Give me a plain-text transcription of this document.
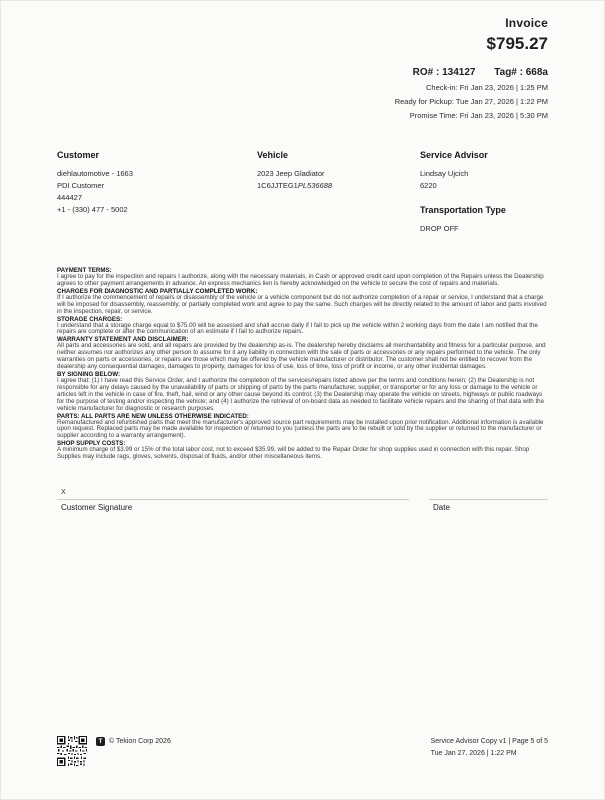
Invoice
$795.27
RO# : 134127 Tag# : 668a
Check-in: Fri Jan 23, 2026 | 1:25 PM
Ready for Pickup: Tue Jan 27, 2026 | 1:22 PM
Promise Time: Fri Jan 23, 2026 | 5:30 PM
Customer
diehlautomotive - 1663
PDI Customer
444427
+1 - (330) 477 - 5002
Vehicle
2023 Jeep Gladiator
1C6JJTEG1PL536688
Service Advisor
Lindsay Ujcich
6220
Transportation Type
DROP OFF
PAYMENT TERMS:
I agree to pay for the inspection and repairs I authorize, along with the necessary materials, in Cash or approved credit card upon completion of the Repairs unless the Dealership agrees to other payment arrangements in advance. An express mechanics lien is hereby acknowledged on the vehicle to secure the cost of repairs and materials.
CHARGES FOR DIAGNOSTIC AND PARTIALLY COMPLETED WORK:
If I authorize the commencement of repairs or disassembly of the vehicle or a vehicle component but do not authorize completion of a repair or service, I understand that a charge will be imposed for disassembly, reassembly, or partially completed work and agree to pay the same. Such charges will be directly related to the amount of labor and parts involved in the inspection, repair, or service.
STORAGE CHARGES:
I understand that a storage charge equal to $75.00 will be assessed and shall accrue daily if I fail to pick up the vehicle within 2 working days from the date I am notified that the repairs are complete or after the communication of an estimate if I fail to authorize repairs.
WARRANTY STATEMENT AND DISCLAIMER:
All parts and accessories are sold, and all repairs are provided by the dealership as-is. The dealership hereby disclaims all merchantability and fitness for a particular purpose, and neither assumes nor authorizes any other person to assume for it any liability in connection with the sale of parts or accessories or any repairs performed to the vehicle. The only warranties on parts or accessories, or repairs are those which may be offered by the vehicle manufacturer or distributor. The customer shall not be entitled to recover from the dealership any consequential damages, damages to property, damages for loss of use, loss of time, loss of profit or income, or any other incidental damages.
BY SIGNING BELOW:
I agree that: (1) I have read this Service Order, and I authorize the completion of the services/repairs listed above per the terms and conditions herein; (2) the Dealership is not responsible for any delays caused by the unavailability of parts or shipping of parts by the parts manufacturer, supplier, or transporter or for any loss or damage to the vehicle or articles left in the vehicle in case of fire, theft, hail, wind or any other cause beyond its control; (3) the Dealership may operate the vehicle on streets, highways or public roadways for the purpose of testing and/or inspecting the vehicle; and (4) I authorize the retrieval of on-board data as needed to facilitate vehicle repairs and the sharing of that data with the vehicle manufacturer for diagnostic or research purposes.
PARTS: ALL PARTS ARE NEW UNLESS OTHERWISE INDICATED:
Remanufactured and refurbished parts that meet the manufacturer's approved source part requirements may be installed upon prior notification. Additional information is available upon request. Replaced parts may be made available for inspection or returned to you (unless the parts are to be rebuilt or sold by the supplier or returned to the manufacturer or supplier according to a warranty arrangement).
SHOP SUPPLY COSTS:
A minimum charge of $3.99 or 15% of the total labor cost, not to exceed $35.99, will be added to the Repair Order for shop supplies used in connection with this repair. Shop Supplies may include rags, gloves, solvents, disposal of fluids, and/or other miscellaneous items.
X
Customer Signature	Date
T © Tekion Corp 2026	Service Advisor Copy v1 | Page 5 of 5
Tue Jan 27, 2026 | 1:22 PM
